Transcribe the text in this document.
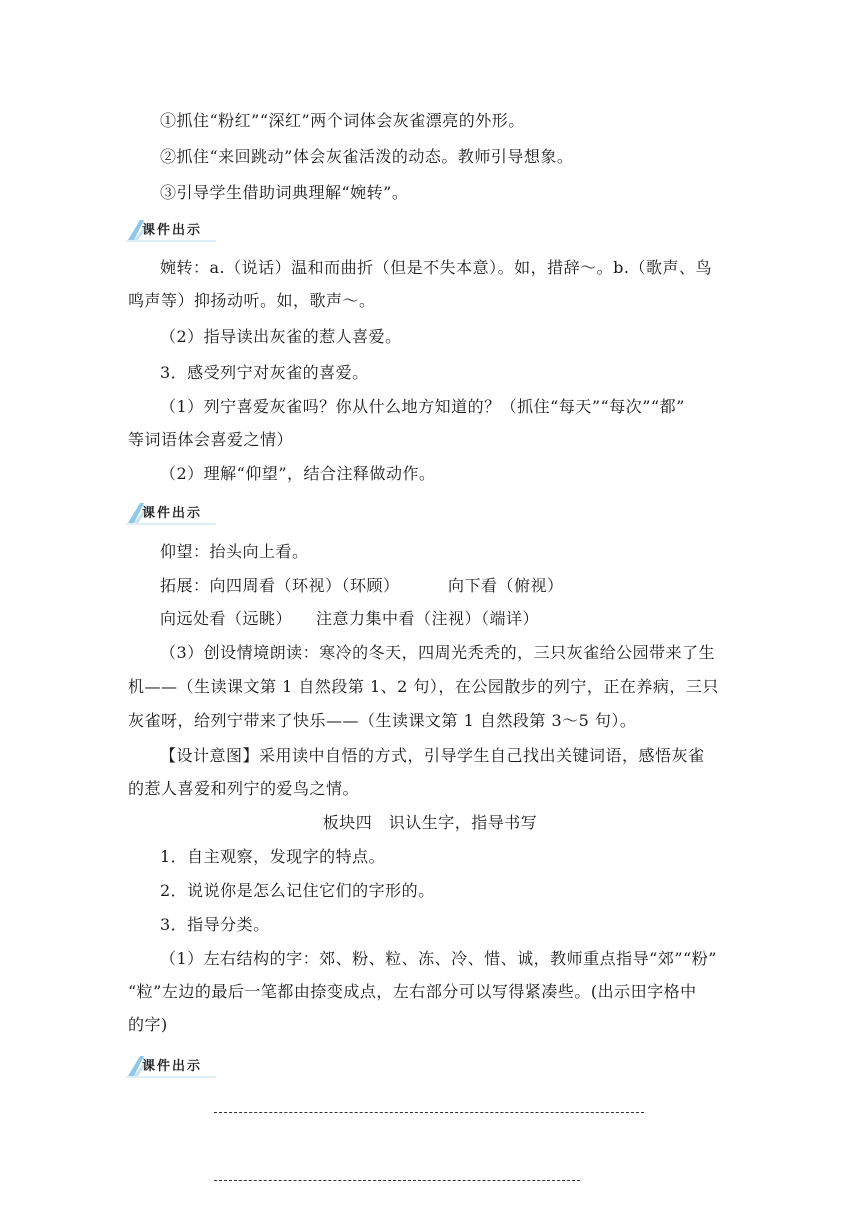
①抓住“粉红”“深红”两个词体会灰雀漂亮的外形。
②抓住“来回跳动”体会灰雀活泼的动态。教师引导想象。
③引导学生借助词典理解“婉转”。
课件出示
婉转：a.（说话）温和而曲折（但是不失本意）。如，措辞～。b.（歌声、鸟
鸣声等）抑扬动听。如，歌声～。
（2）指导读出灰雀的惹人喜爱。
3．感受列宁对灰雀的喜爱。
（1）列宁喜爱灰雀吗？你从什么地方知道的？（抓住“每天”“每次”“都”
等词语体会喜爱之情）
（2）理解“仰望”，结合注释做动作。
课件出示
仰望：抬头向上看。
拓展：向四周看（环视）（环顾）	向下看（俯视）
向远处看（远眺） 注意力集中看（注视）（端详）
（3）创设情境朗读：寒冷的冬天，四周光秃秃的，三只灰雀给公园带来了生
机——（生读课文第 1 自然段第 1、2 句），在公园散步的列宁，正在养病，三只
灰雀呀，给列宁带来了快乐——（生读课文第 1 自然段第 3～5 句）。
【设计意图】采用读中自悟的方式，引导学生自己找出关键词语，感悟灰雀
的惹人喜爱和列宁的爱鸟之情。
板块四　识认生字，指导书写
1．自主观察，发现字的特点。
2．说说你是怎么记住它们的字形的。
3．指导分类。
（1）左右结构的字：郊、粉、粒、冻、冷、惜、诚，教师重点指导“郊”“粉”
“粒”左边的最后一笔都由捺变成点，左右部分可以写得紧凑些。(出示田字格中
的字)
课件出示
